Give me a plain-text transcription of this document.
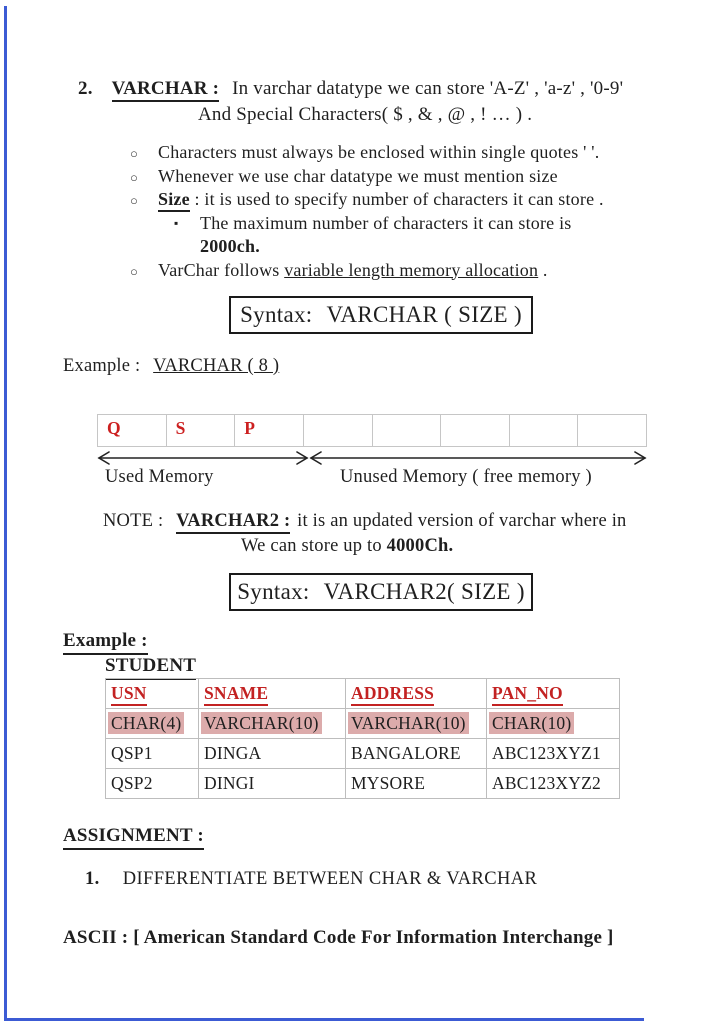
2. VARCHAR : In varchar datatype we can store 'A-Z' , 'a-z' , '0-9'
And Special Characters( $ , & , @ , ! … ) .
○ Characters must always be enclosed within single quotes ' '.
○ Whenever we use char datatype we must mention size
○ Size : it is used to specify number of characters it can store .
▪ The maximum number of characters it can store is
2000ch.
○ VarChar follows variable length memory allocation .
Syntax: VARCHAR ( SIZE )
Example : VARCHAR ( 8 )
Q	S	P
Used Memory	Unused Memory ( free memory )
NOTE : VARCHAR2 : it is an updated version of varchar where in
We can store up to 4000Ch.
Syntax: VARCHAR2( SIZE )
Example :
STUDENT
USN	SNAME	ADDRESS	PAN_NO
CHAR(4)	VARCHAR(10)	VARCHAR(10)	CHAR(10)
QSP1	DINGA	BANGALORE	ABC123XYZ1
QSP2	DINGI	MYSORE	ABC123XYZ2
ASSIGNMENT :
1. DIFFERENTIATE BETWEEN CHAR & VARCHAR
ASCII : [ American Standard Code For Information Interchange ]
